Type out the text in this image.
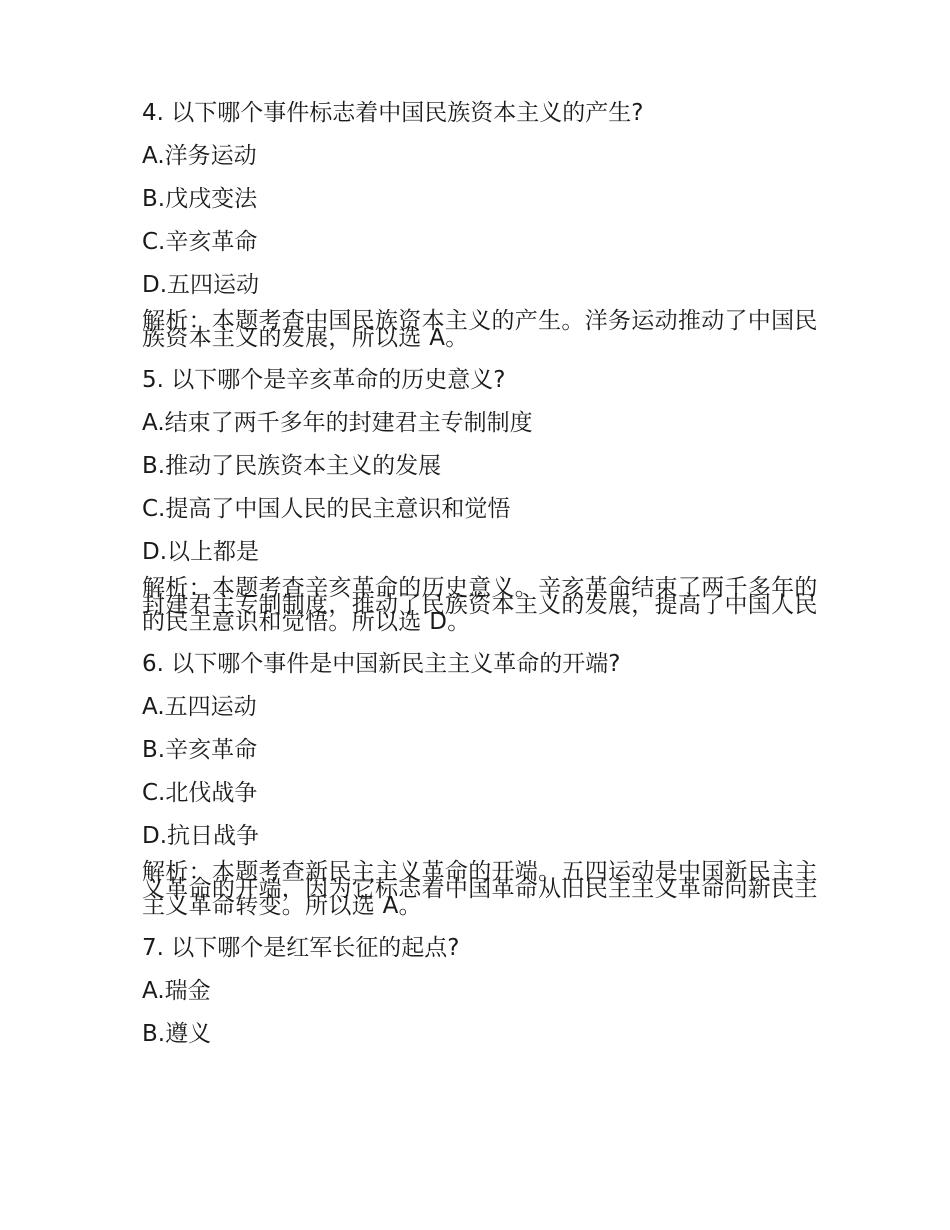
4. 以下哪个事件标志着中国民族资本主义的产生?
A.洋务运动
B.戊戌变法
C.辛亥革命
D.五四运动
解析：本题考查中国民族资本主义的产生。洋务运动推动了中国民族资本主义的发展，所以选 A。
5. 以下哪个是辛亥革命的历史意义?
A.结束了两千多年的封建君主专制制度
B.推动了民族资本主义的发展
C.提高了中国人民的民主意识和觉悟
D.以上都是
解析：本题考查辛亥革命的历史意义。辛亥革命结束了两千多年的封建君主专制制度，推动了民族资本主义的发展，提高了中国人民的民主意识和觉悟。所以选 D。
6. 以下哪个事件是中国新民主主义革命的开端?
A.五四运动
B.辛亥革命
C.北伐战争
D.抗日战争
解析：本题考查新民主主义革命的开端。五四运动是中国新民主主义革命的开端，因为它标志着中国革命从旧民主主义革命向新民主主义革命转变。所以选 A。
7. 以下哪个是红军长征的起点?
A.瑞金
B.遵义
